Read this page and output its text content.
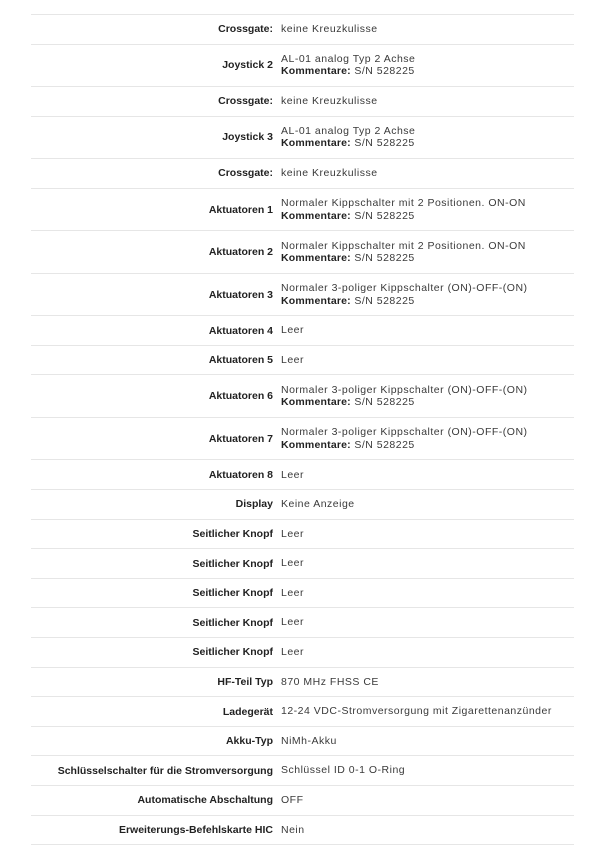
Crossgate: keine Kreuzkulisse
Joystick 2
AL-01 analog Typ 2 Achse
Kommentare: S/N 528225
Crossgate: keine Kreuzkulisse
Joystick 3
AL-01 analog Typ 2 Achse
Kommentare: S/N 528225
Crossgate: keine Kreuzkulisse
Aktuatoren 1
Normaler Kippschalter mit 2 Positionen. ON-ON
Kommentare: S/N 528225
Aktuatoren 2
Normaler Kippschalter mit 2 Positionen. ON-ON
Kommentare: S/N 528225
Aktuatoren 3
Normaler 3-poliger Kippschalter (ON)-OFF-(ON)
Kommentare: S/N 528225
Aktuatoren 4 Leer
Aktuatoren 5 Leer
Aktuatoren 6
Normaler 3-poliger Kippschalter (ON)-OFF-(ON)
Kommentare: S/N 528225
Aktuatoren 7
Normaler 3-poliger Kippschalter (ON)-OFF-(ON)
Kommentare: S/N 528225
Aktuatoren 8 Leer
Display Keine Anzeige
Seitlicher Knopf Leer
Seitlicher Knopf Leer
Seitlicher Knopf Leer
Seitlicher Knopf Leer
Seitlicher Knopf Leer
HF-Teil Typ 870 MHz FHSS CE
Ladegerät 12-24 VDC-Stromversorgung mit Zigarettenanzünder
Akku-Typ NiMh-Akku
Schlüsselschalter für die Stromversorgung Schlüssel ID 0-1 O-Ring
Automatische Abschaltung OFF
Erweiterungs-Befehlskarte HIC Nein
